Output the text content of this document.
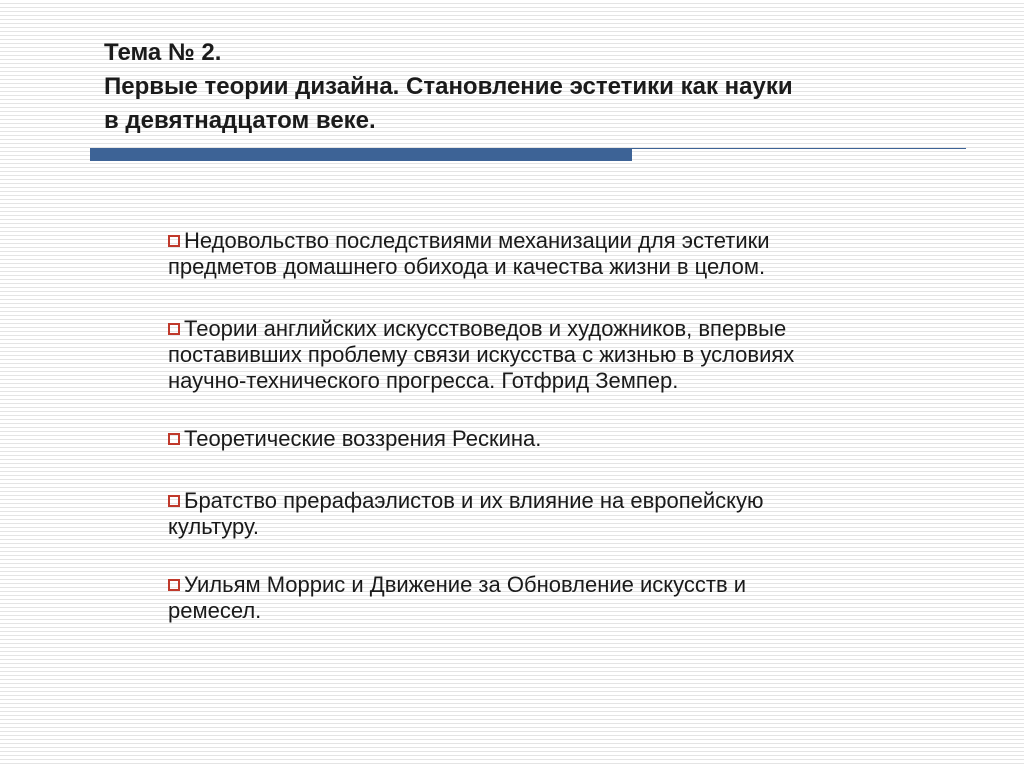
Тема № 2.
Первые теории дизайна. Становление эстетики как науки
в девятнадцатом веке.
Недовольство последствиями механизации для эстетики
предметов домашнего обихода и качества жизни в целом.
Теории английских искусствоведов и художников, впервые
поставивших проблему связи искусства с жизнью в условиях
научно-технического прогресса. Готфрид Земпер.
Теоретические воззрения Рескина.
Братство прерафаэлистов и их влияние на европейскую
культуру.
Уильям Моррис и Движение за Обновление искусств и
ремесел.
